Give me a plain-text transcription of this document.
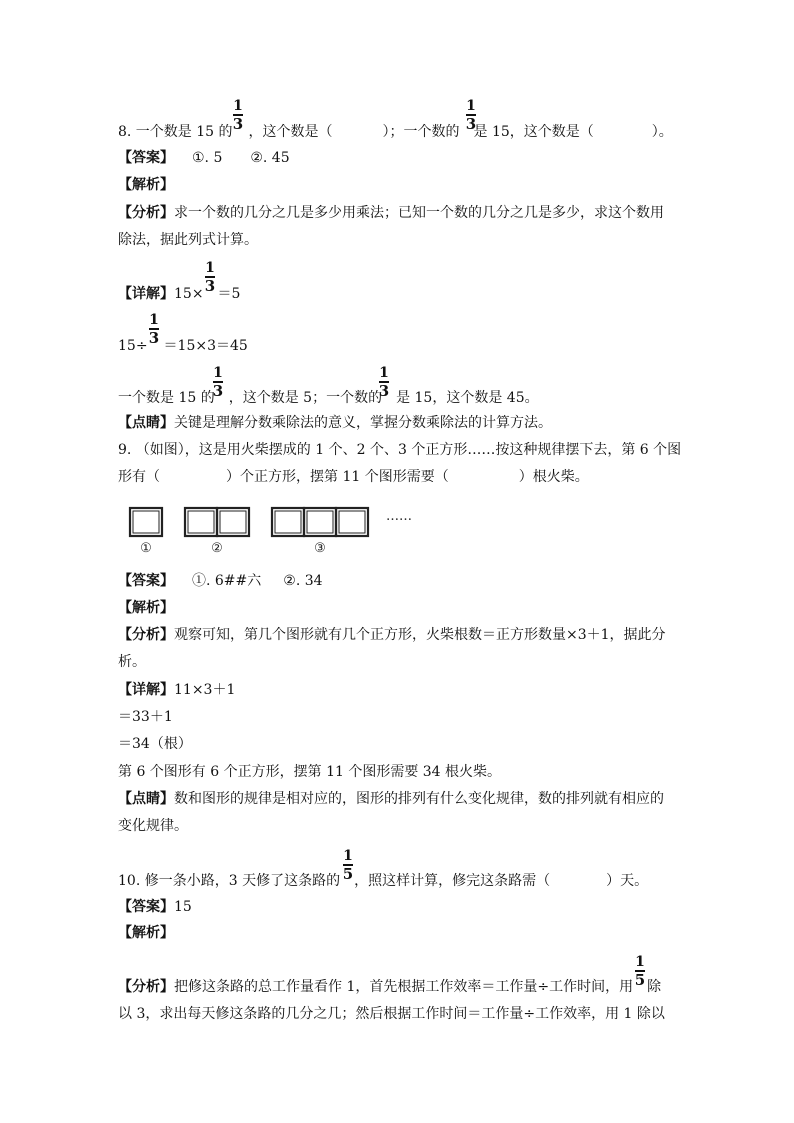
1
3
1
3
8. 一个数是 15 的 ，这个数是（	）；一个数的 是 15，这个数是（	）。
【答案】 ①. 5 ②. 45
【解析】
【分析】求一个数的几分之几是多少用乘法；已知一个数的几分之几是多少，求这个数用
除法，据此列式计算。
1
3
【详解】15× ＝5
1
3
15÷ ＝15×3＝45
1
3
1
3
一个数是 15 的 ，这个数是 5；一个数的 是 15，这个数是 45。
【点睛】关键是理解分数乘除法的意义，掌握分数乘除法的计算方法。
9. （如图），这是用火柴摆成的 1 个、2 个、3 个正方形……按这种规律摆下去，第 6 个图
形有（	）个正方形，摆第 11 个图形需要（	）根火柴。
①	②	③
……
【答案】 ①. 6##六 ②. 34
【解析】
【分析】观察可知，第几个图形就有几个正方形，火柴根数＝正方形数量×3＋1，据此分
析。
【详解】11×3＋1
＝33＋1
＝34（根）
第 6 个图形有 6 个正方形，摆第 11 个图形需要 34 根火柴。
【点睛】数和图形的规律是相对应的，图形的排列有什么变化规律，数的排列就有相应的
变化规律。
1
5
10. 修一条小路，3 天修了这条路的 ，照这样计算，修完这条路需（	）天。
【答案】15
【解析】
1
5
【分析】把修这条路的总工作量看作 1，首先根据工作效率＝工作量÷工作时间，用 除
以 3，求出每天修这条路的几分之几；然后根据工作时间＝工作量÷工作效率，用 1 除以
